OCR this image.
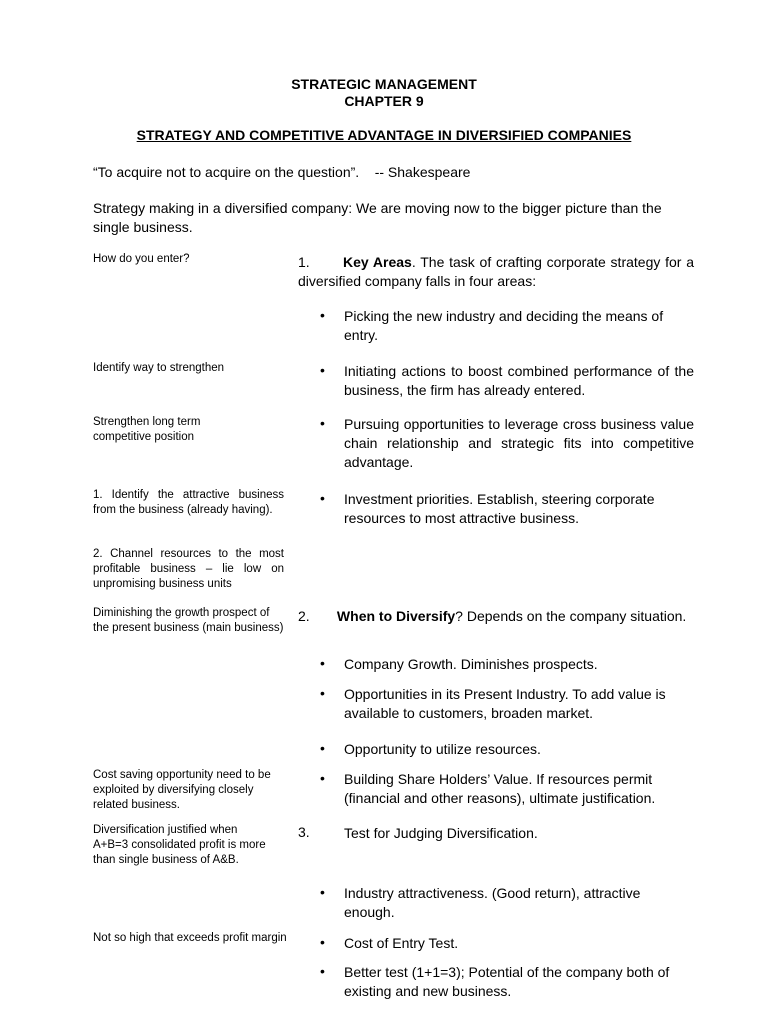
STRATEGIC MANAGEMENT
CHAPTER 9
STRATEGY AND COMPETITIVE ADVANTAGE IN DIVERSIFIED COMPANIES
“To acquire not to acquire on the question”.    -- Shakespeare
Strategy making in a diversified company: We are moving now to the bigger picture than the single business.
How do you enter?
Identify way to strengthen
Strengthen long term competitive position
1. Identify the attractive business from the business (already having).
2. Channel resources to the most profitable business – lie low on unpromising business units
Diminishing the growth prospect of the present business (main business)
Cost saving opportunity need to be exploited by diversifying closely related business.
Diversification justified when A+B=3 consolidated profit is more than single business of A&B.
Not so high that exceeds profit margin
1. Key Areas. The task of crafting corporate strategy for a diversified company falls in four areas:
• Picking the new industry and deciding the means of entry.
• Initiating actions to boost combined performance of the business, the firm has already entered.
• Pursuing opportunities to leverage cross business value chain relationship and strategic fits into competitive advantage.
• Investment priorities. Establish, steering corporate resources to most attractive business.
2. When to Diversify? Depends on the company situation.
• Company Growth. Diminishes prospects.
• Opportunities in its Present Industry. To add value is available to customers, broaden market.
• Opportunity to utilize resources.
• Building Share Holders’ Value. If resources permit (financial and other reasons), ultimate justification.
3. Test for Judging Diversification.
• Industry attractiveness. (Good return), attractive enough.
• Cost of Entry Test.
• Better test (1+1=3); Potential of the company both of existing and new business.
